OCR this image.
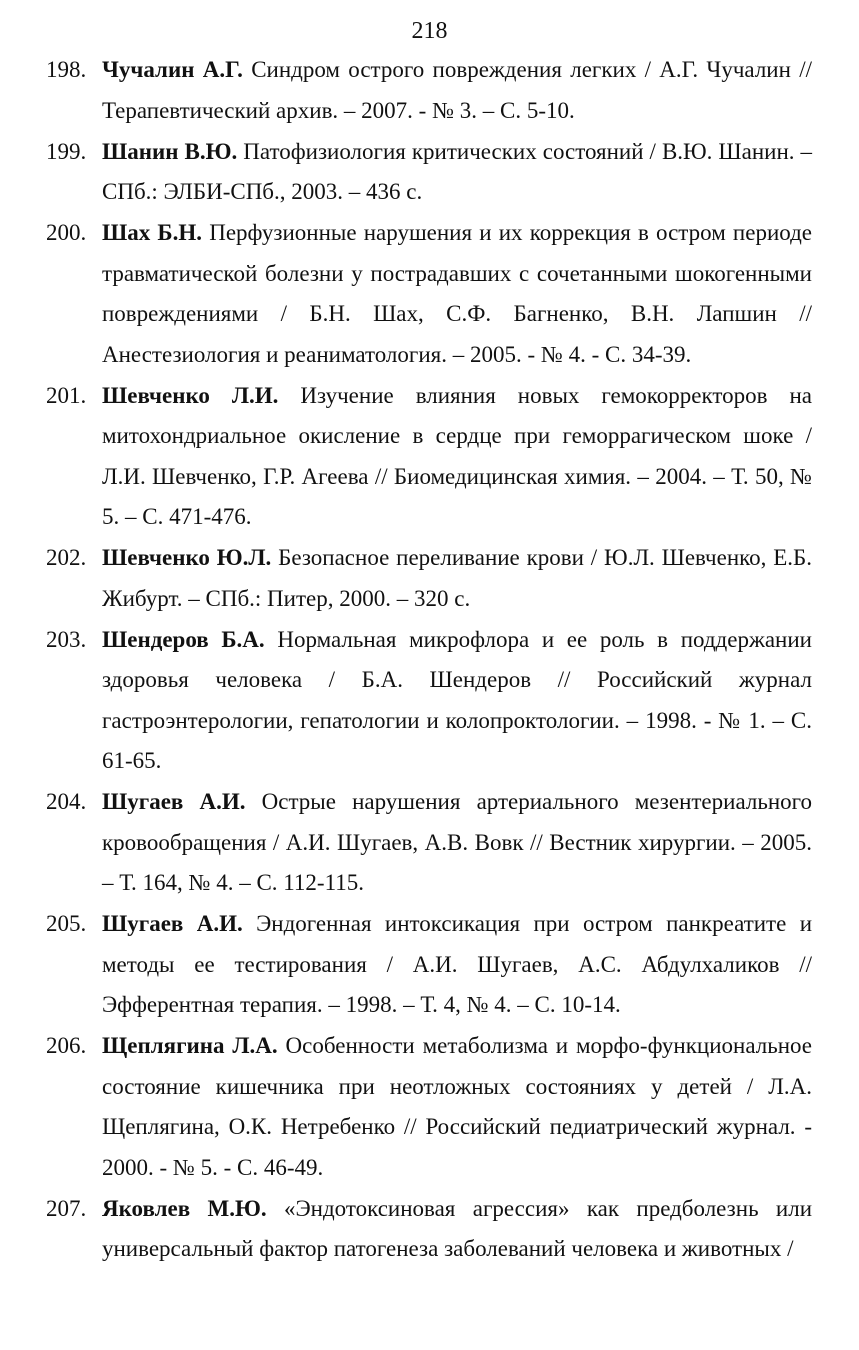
218
198. Чучалин А.Г. Синдром острого повреждения легких / А.Г. Чучалин // Терапевтический архив. – 2007. - № 3. – С. 5-10.
199. Шанин В.Ю. Патофизиология критических состояний / В.Ю. Шанин. – СПб.: ЭЛБИ-СПб., 2003. – 436 с.
200. Шах Б.Н. Перфузионные нарушения и их коррекция в остром периоде травматической болезни у пострадавших с сочетанными шокогенными повреждениями / Б.Н. Шах, С.Ф. Багненко, В.Н. Лапшин // Анестезиология и реаниматология. – 2005. - № 4. - С. 34-39.
201. Шевченко Л.И. Изучение влияния новых гемокорректоров на митохондриальное окисление в сердце при геморрагическом шоке / Л.И. Шевченко, Г.Р. Агеева // Биомедицинская химия. – 2004. – Т. 50, № 5. – С. 471-476.
202. Шевченко Ю.Л. Безопасное переливание крови / Ю.Л. Шевченко, Е.Б. Жибурт. – СПб.: Питер, 2000. – 320 с.
203. Шендеров Б.А. Нормальная микрофлора и ее роль в поддержании здоровья человека / Б.А. Шендеров // Российский журнал гастроэнтерологии, гепатологии и колопроктологии. – 1998. - № 1. – С. 61-65.
204. Шугаев А.И. Острые нарушения артериального мезентериального кровообращения / А.И. Шугаев, А.В. Вовк // Вестник хирургии. – 2005. – Т. 164, № 4. – С. 112-115.
205. Шугаев А.И. Эндогенная интоксикация при остром панкреатите и методы ее тестирования / А.И. Шугаев, А.С. Абдулхаликов // Эфферентная терапия. – 1998. – Т. 4, № 4. – С. 10-14.
206. Щеплягина Л.А. Особенности метаболизма и морфо-функциональное состояние кишечника при неотложных состояниях у детей / Л.А. Щеплягина, О.К. Нетребенко // Российский педиатрический журнал. - 2000. - № 5. - С. 46-49.
207. Яковлев М.Ю. «Эндотоксиновая агрессия» как предболезнь или универсальный фактор патогенеза заболеваний человека и животных /
